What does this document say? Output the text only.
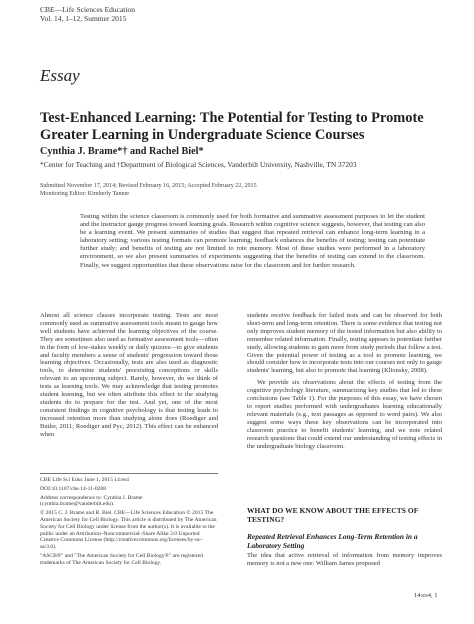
CBE—Life Sciences Education
Vol. 14, 1–12, Summer 2015
Essay
Test-Enhanced Learning: The Potential for Testing to Promote Greater Learning in Undergraduate Science Courses
Cynthia J. Brame*† and Rachel Biel*
*Center for Teaching and †Department of Biological Sciences, Vanderbilt University, Nashville, TN 37203
Submitted November 17, 2014; Revised February 16, 2015; Accepted February 22, 2015
Monitoring Editor: Kimberly Tanner
Testing within the science classroom is commonly used for both formative and summative assessment purposes to let the student and the instructor gauge progress toward learning goals. Research within cognitive science suggests, however, that testing can also be a learning event. We present summaries of studies that suggest that repeated retrieval can enhance long-term learning in a laboratory setting; various testing formats can promote learning; feedback enhances the benefits of testing; testing can potentiate further study; and benefits of testing are not limited to rote memory. Most of these studies were performed in a laboratory environment, so we also present summaries of experiments suggesting that the benefits of testing can extend to the classroom. Finally, we suggest opportunities that these observations raise for the classroom and for further research.

Almost all science classes incorporate testing. Tests are most commonly used as summative assessment tools meant to gauge how well students have achieved the learning objectives of the course. They are sometimes also used as formative assessment tools—often in the form of low-stakes weekly or daily quizzes—to give students and faculty members a sense of students' progression toward those learning objectives. Occasionally, tests are also used as diagnostic tools, to determine students' preexisting conceptions or skills relevant to an upcoming subject. Rarely, however, do we think of tests as learning tools. We may acknowledge that testing promotes student learning, but we often attribute this effect to the studying students do to prepare for the test. And yet, one of the most consistent findings in cognitive psychology is that testing leads to increased retention more than studying alone does (Roediger and Butler, 2011; Roediger and Pyc, 2012). This effect can be enhanced when

CBE Life Sci Educ June 1, 2015 14:es4

DOI:10.1187/cbe.14-11-0208

Address correspondence to: Cynthia J. Brame (cynthia.brame@vanderbilt.edu).

© 2015 C. J. Brame and R. Biel. CBE—Life Sciences Education © 2015 The American Society for Cell Biology. This article is distributed by The American Society for Cell Biology under license from the author(s). It is available to the public under an Attribution–Noncommercial–Share Alike 3.0 Unported Creative Commons License (http://creativecommons.org/licenses/by-nc-sa/3.0).

"ASCB®" and "The American Society for Cell Biology®" are registered trademarks of The American Society for Cell Biology.

students receive feedback for failed tests and can be observed for both short-term and long-term retention. There is some evidence that testing not only improves student memory of the tested information but also ability to remember related information. Finally, testing appears to potentiate further study, allowing students to gain more from study periods that follow a test. Given the potential power of testing as a tool to promote learning, we should consider how to incorporate tests into our courses not only to gauge students' learning, but also to promote that learning (Klionsky, 2008).

We provide six observations about the effects of testing from the cognitive psychology literature, summarizing key studies that led to these conclusions (see Table 1). For the purposes of this essay, we have chosen to report studies performed with undergraduates learning educationally relevant materials (e.g., text passages as opposed to word pairs). We also suggest some ways these key observations can be incorporated into classroom practice to benefit students' learning, and we note related research questions that could extend our understanding of testing effects in the undergraduate biology classroom.

WHAT DO WE KNOW ABOUT THE EFFECTS OF TESTING?
Repeated Retrieval Enhances Long-Term Retention in a Laboratory Setting

The idea that active retrieval of information from memory improves memory is not a new one: William James proposed

14:es4, 1
